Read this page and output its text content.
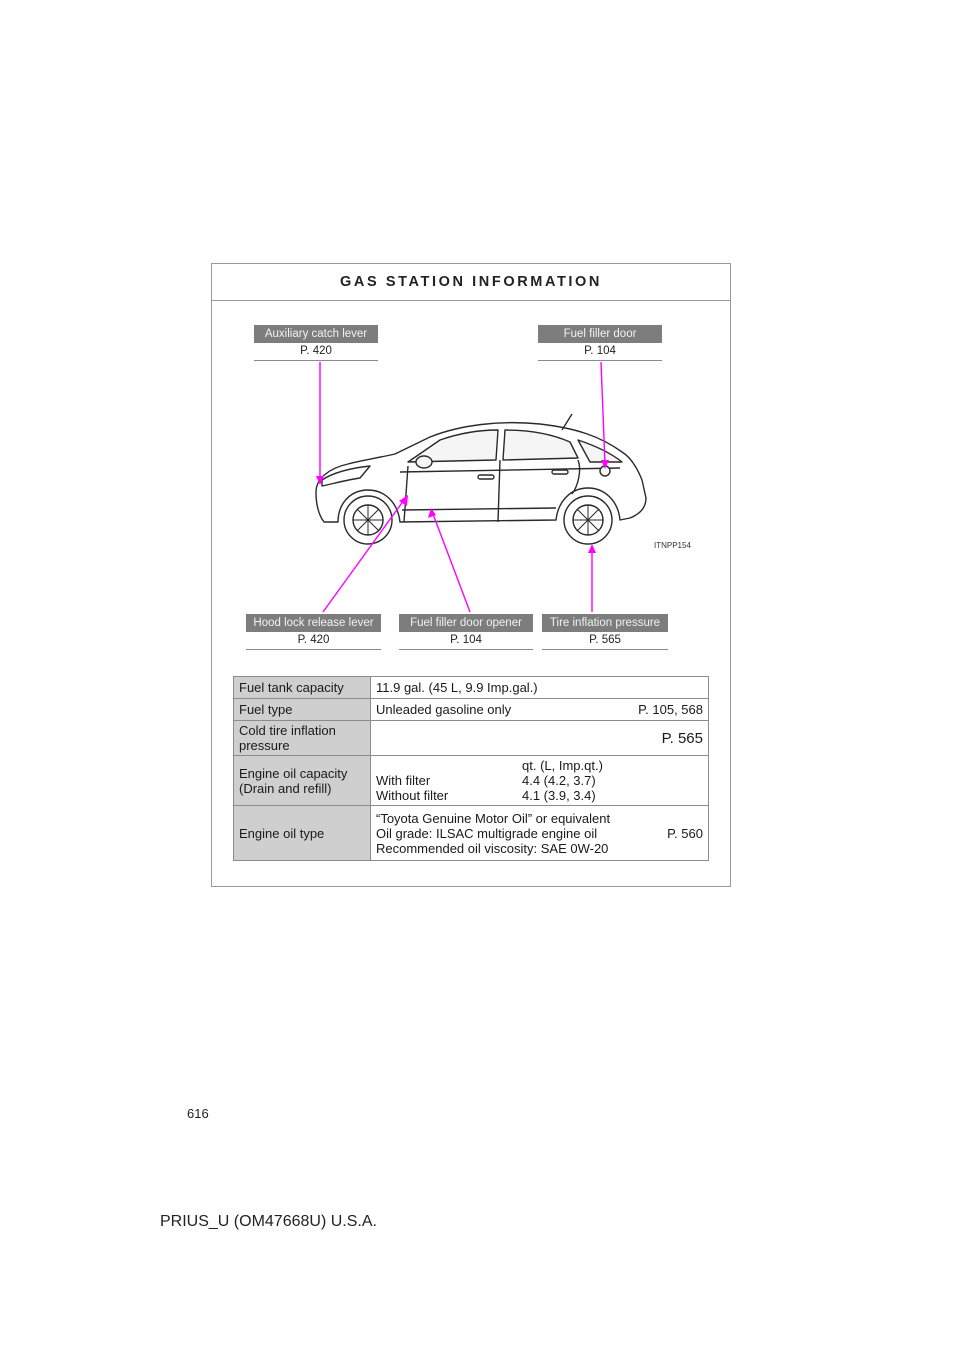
GAS STATION INFORMATION
Auxiliary catch lever
P. 420
Fuel filler door
P. 104
Hood lock release lever
P. 420
Fuel filler door opener
P. 104
Tire inflation pressure
P. 565
ITNPP154
Fuel tank capacity	11.9 gal. (45 L, 9.9 Imp.gal.)
Fuel type	Unleaded gasoline only P. 105, 568

Cold tire inflation
pressure	P. 565
Engine oil capacity
(Drain and refill)	qt. (L, Imp.qt.)
With filter 4.4 (4.2, 3.7)
Without filter 4.1 (3.9, 3.4)

Engine oil type	“Toyota Genuine Motor Oil” or equivalent
Oil grade: ILSAC multigrade engine oil P. 560
Recommended oil viscosity: SAE 0W-20
616
PRIUS_U (OM47668U) U.S.A.
